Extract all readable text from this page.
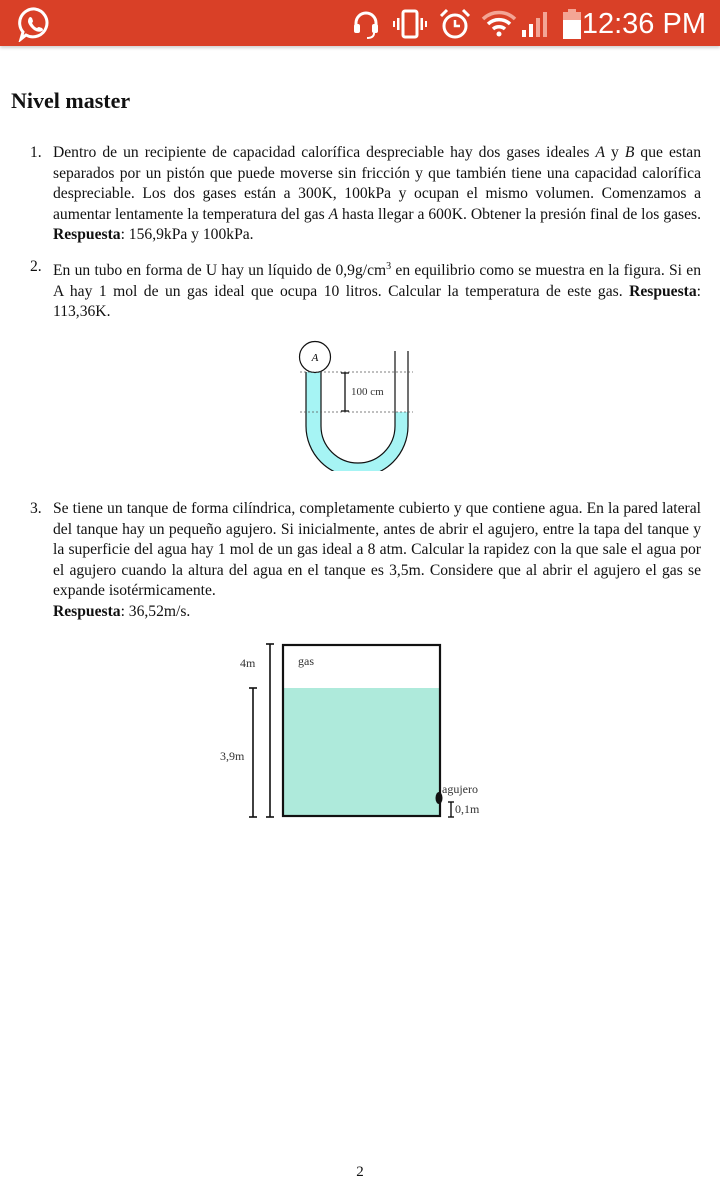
12:36 PM
Nivel master
1. Dentro de un recipiente de capacidad calorífica despreciable hay dos gases ideales A y B que estan separados por un pistón que puede moverse sin fricción y que también tiene una capacidad calorífica despreciable. Los dos gases están a 300K, 100kPa y ocupan el mismo volumen. Comenzamos a aumentar lentamente la temperatura del gas A hasta llegar a 600K. Obtener la presión final de los gases. Respuesta: 156,9kPa y 100kPa.
2. En un tubo en forma de U hay un líquido de $0,9g/cm^3$ en equilibrio como se muestra en la figura. Si en A hay 1 mol de un gas ideal que ocupa 10 litros. Calcular la temperatura de este gas. Respuesta: 113,36K.
A
100 cm
3. Se tiene un tanque de forma cilíndrica, completamente cubierto y que contiene agua. En la pared lateral del tanque hay un pequeño agujero. Si inicialmente, antes de abrir el agujero, entre la tapa del tanque y la superficie del agua hay 1 mol de un gas ideal a 8 atm. Calcular la rapidez con la que sale el agua por el agujero cuando la altura del agua en el tanque es 3,5m. Considere que al abrir el agujero el gas se expande isotérmicamente.
Respuesta: 36,52m/s.
gas
4m
3,9m
agujero
0,1m
2
